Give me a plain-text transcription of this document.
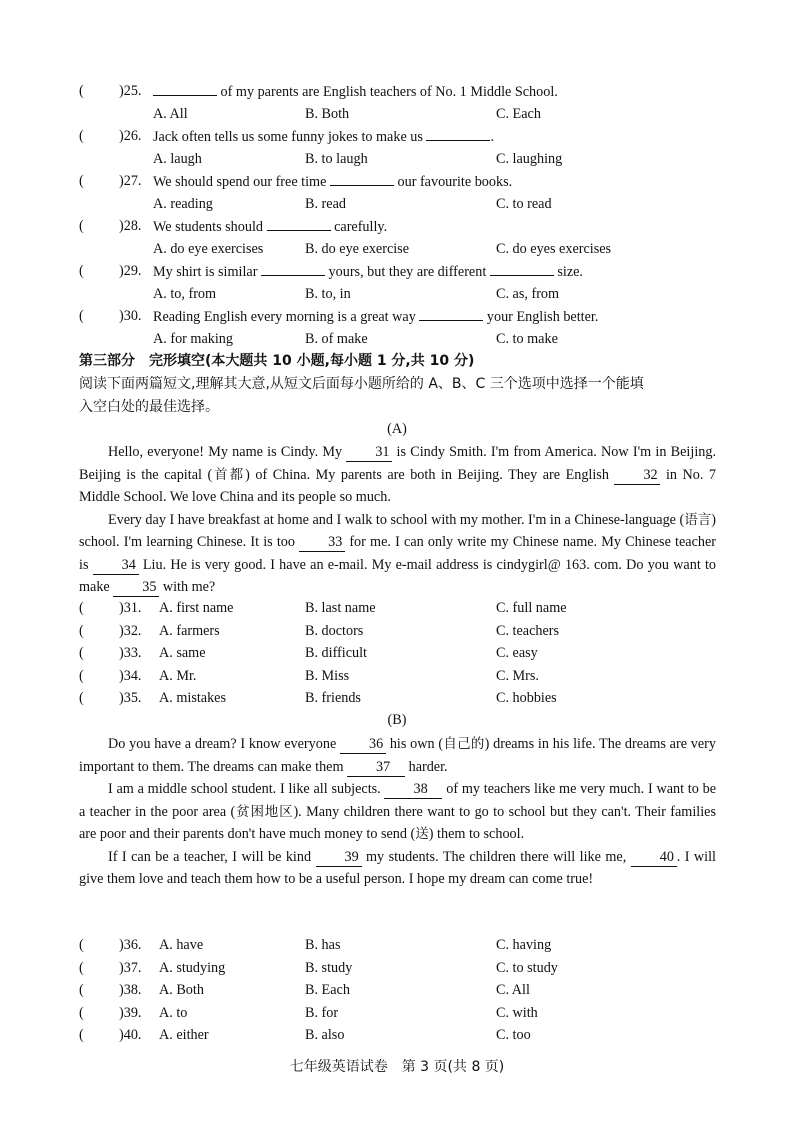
( )25.	of my parents are English teachers of No. 1 Middle School.
A. All	B. Both	C. Each
( )26. Jack often tells us some funny jokes to make us	.
A. laugh	B. to laugh	C. laughing
( )27. We should spend our free time	our favourite books.
A. reading	B. read	C. to read
( )28. We students should	carefully.
A. do eye exercises	B. do eye exercise	C. do eyes exercises
( )29. My shirt is similar	yours, but they are different	size.
A. to, from	B. to, in	C. as, from
( )30. Reading English every morning is a great way	your English better.
A. for making	B. of make	C. to make
第三部分　完形填空(本大题共 10 小题,每小题 1 分,共 10 分)
阅读下面两篇短文,理解其大意,从短文后面每小题所给的 A、B、C 三个选项中选择一个能填
入空白处的最佳选择。
(A)

Hello, everyone! My name is Cindy. My 31 is Cindy Smith. I'm from America. Now I'm in Beijing. Beijing is the capital (首都) of China. My parents are both in Beijing. They are English 32 in No. 7 Middle School. We love China and its people so much.

Every day I have breakfast at home and I walk to school with my mother. I'm in a Chinese-language (语言) school. I'm learning Chinese. It is too 33 for me. I can only write my Chinese name. My Chinese teacher is 34 Liu. He is very good. I have an e-mail. My e-mail address is cindygirl@ 163. com. Do you want to make 35 with me?

( )31. A. first name	B. last name	C. full name
( )32. A. farmers	B. doctors	C. teachers
( )33. A. same	B. difficult	C. easy
( )34. A. Mr.	B. Miss	C. Mrs.
( )35. A. mistakes	B. friends	C. hobbies
(B)

Do you have a dream? I know everyone 36 his own (自己的) dreams in his life. The dreams are very important to them. The dreams can make them 37 harder.

I am a middle school student. I like all subjects. 38 of my teachers like me very much. I want to be a teacher in the poor area (贫困地区). Many children there want to go to school but they can't. Their families are poor and their parents don't have much money to send (送) them to school.

If I can be a teacher, I will be kind 39 my students. The children there will like me, 40 . I will give them love and teach them how to be a useful person. I hope my dream can come true!

( )36. A. have	B. has	C. having
( )37. A. studying	B. study	C. to study
( )38. A. Both	B. Each	C. All
( )39. A. to	B. for	C. with
( )40. A. either	B. also	C. too
七年级英语试卷　第 3 页(共 8 页)
